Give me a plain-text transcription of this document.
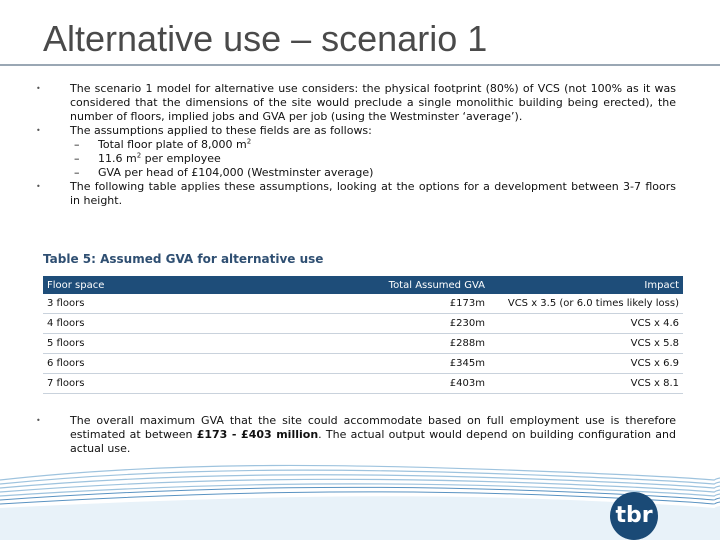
Alternative use – scenario 1
•	The scenario 1 model for alternative use considers: the physical footprint (80%) of VCS (not 100% as it was considered that the dimensions of the site would preclude a single monolithic building being erected), the number of floors, implied jobs and GVA per job (using the Westminster ‘average’).
•	The assumptions applied to these fields are as follows:
– Total floor plate of 8,000 $m^2$
– 11.6 $m^2$ per employee
– GVA per head of £104,000 (Westminster average)
•	The following table applies these assumptions, looking at the options for a development between 3-7 floors in height.
Table 5: Assumed GVA for alternative use
Floor space	Total Assumed GVA	Impact
3 floors	£173m	VCS x 3.5 (or 6.0 times likely loss)
4 floors	£230m	VCS x 4.6
5 floors	£288m	VCS x 5.8
6 floors	£345m	VCS x 6.9
7 floors	£403m	VCS x 8.1
•	The overall maximum GVA that the site could accommodate based on full employment use is therefore estimated at between £173 - £403 million. The actual output would depend on building configuration and actual use.
tbr
